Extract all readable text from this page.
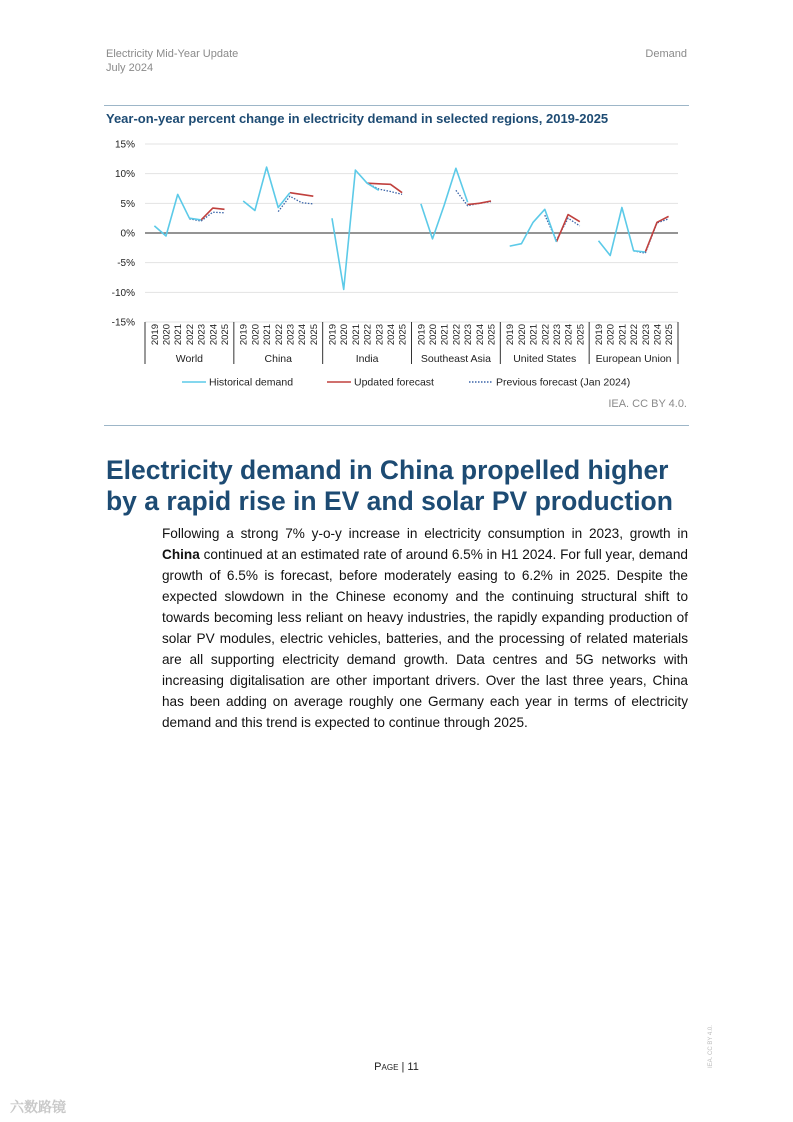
Electricity Mid-Year Update
July 2024
Demand
Year-on-year percent change in electricity demand in selected regions, 2019-2025
15%
10%
5%
0%
-5%
-10%
-15%
2019 2020 2021 2022 2023 2024 2025
World
2019 2020 2021 2022 2023 2024 2025
China
2019 2020 2021 2022 2023 2024 2025
India
2019 2020 2021 2022 2023 2024 2025
Southeast Asia
2019 2020 2021 2022 2023 2024 2025
United States
2019 2020 2021 2022 2023 2024 2025
European Union
Historical demand	Updated forecast	Previous forecast (Jan 2024)
IEA. CC BY 4.0.
Electricity demand in China propelled higher by a rapid rise in EV and solar PV production
Following a strong 7% y-o-y increase in electricity consumption in 2023, growth in China continued at an estimated rate of around 6.5% in H1 2024. For full year, demand growth of 6.5% is forecast, before moderately easing to 6.2% in 2025. Despite the expected slowdown in the Chinese economy and the continuing structural shift to towards becoming less reliant on heavy industries, the rapidly expanding production of solar PV modules, electric vehicles, batteries, and the processing of related materials are all supporting electricity demand growth. Data centres and 5G networks with increasing digitalisation are other important drivers. Over the last three years, China has been adding on average roughly one Germany each year in terms of electricity demand and this trend is expected to continue through 2025.
Page | 11	IEA. CC BY 4.0.
六数路镜
